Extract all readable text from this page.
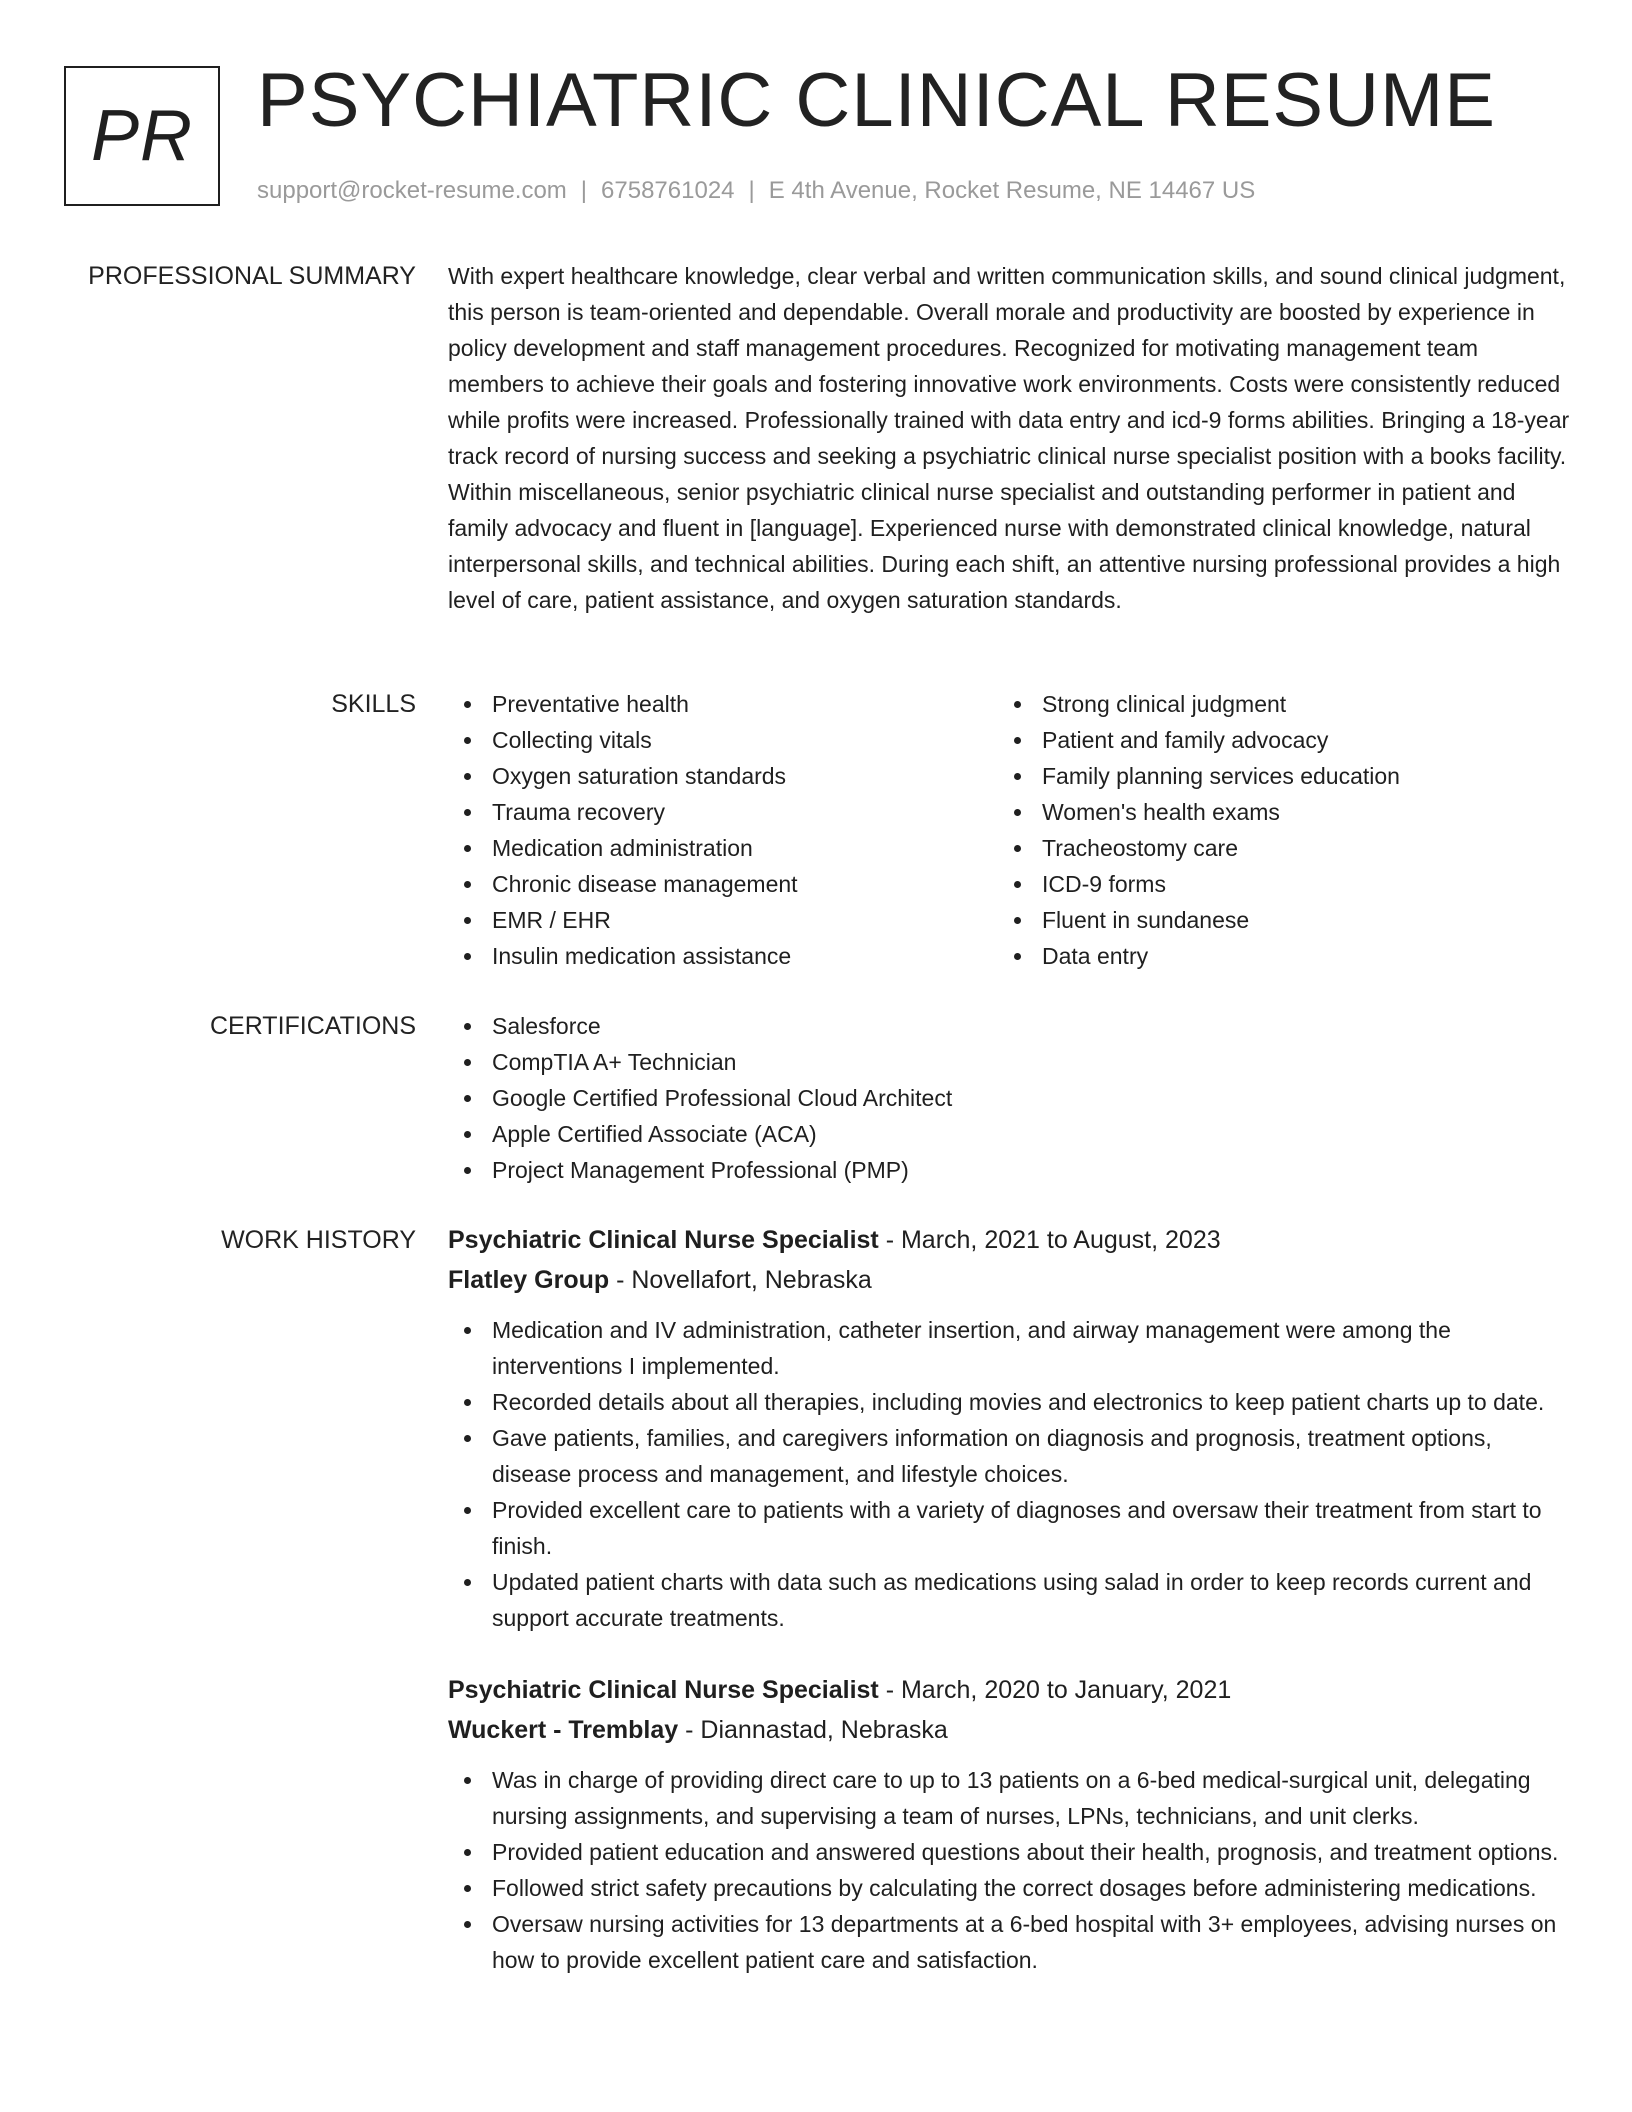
PR PSYCHIATRIC CLINICAL RESUME
support@rocket-resume.com | 6758761024 | E 4th Avenue, Rocket Resume, NE 14467 US
PROFESSIONAL SUMMARY With expert healthcare knowledge, clear verbal and written communication skills, and sound clinical judgment, this person is team-oriented and dependable. Overall morale and productivity are boosted by experience in policy development and staff management procedures. Recognized for motivating management team members to achieve their goals and fostering innovative work environments. Costs were consistently reduced while profits were increased. Professionally trained with data entry and icd-9 forms abilities. Bringing a 18-year track record of nursing success and seeking a psychiatric clinical nurse specialist position with a books facility. Within miscellaneous, senior psychiatric clinical nurse specialist and outstanding performer in patient and family advocacy and fluent in [language]. Experienced nurse with demonstrated clinical knowledge, natural interpersonal skills, and technical abilities. During each shift, an attentive nursing professional provides a high level of care, patient assistance, and oxygen saturation standards.

SKILLS	Preventative health
Collecting vitals
Oxygen saturation standards
Trauma recovery
Medication administration
Chronic disease management
EMR / EHR
Insulin medication assistance
Strong clinical judgment
Patient and family advocacy
Family planning services education
Women's health exams
Tracheostomy care
ICD-9 forms
Fluent in sundanese
Data entry
CERTIFICATIONS	Salesforce
CompTIA A+ Technician
Google Certified Professional Cloud Architect
Apple Certified Associate (ACA)
Project Management Professional (PMP)
WORK HISTORY Psychiatric Clinical Nurse Specialist - March, 2021 to August, 2023
Flatley Group - Novellafort, Nebraska
Medication and IV administration, catheter insertion, and airway management were among the interventions I implemented.
Recorded details about all therapies, including movies and electronics to keep patient charts up to date.
Gave patients, families, and caregivers information on diagnosis and prognosis, treatment options, disease process and management, and lifestyle choices.
Provided excellent care to patients with a variety of diagnoses and oversaw their treatment from start to finish.
Updated patient charts with data such as medications using salad in order to keep records current and support accurate treatments.
Psychiatric Clinical Nurse Specialist - March, 2020 to January, 2021
Wuckert - Tremblay - Diannastad, Nebraska
Was in charge of providing direct care to up to 13 patients on a 6-bed medical-surgical unit, delegating nursing assignments, and supervising a team of nurses, LPNs, technicians, and unit clerks.
Provided patient education and answered questions about their health, prognosis, and treatment options.
Followed strict safety precautions by calculating the correct dosages before administering medications.
Oversaw nursing activities for 13 departments at a 6-bed hospital with 3+ employees, advising nurses on how to provide excellent patient care and satisfaction.
